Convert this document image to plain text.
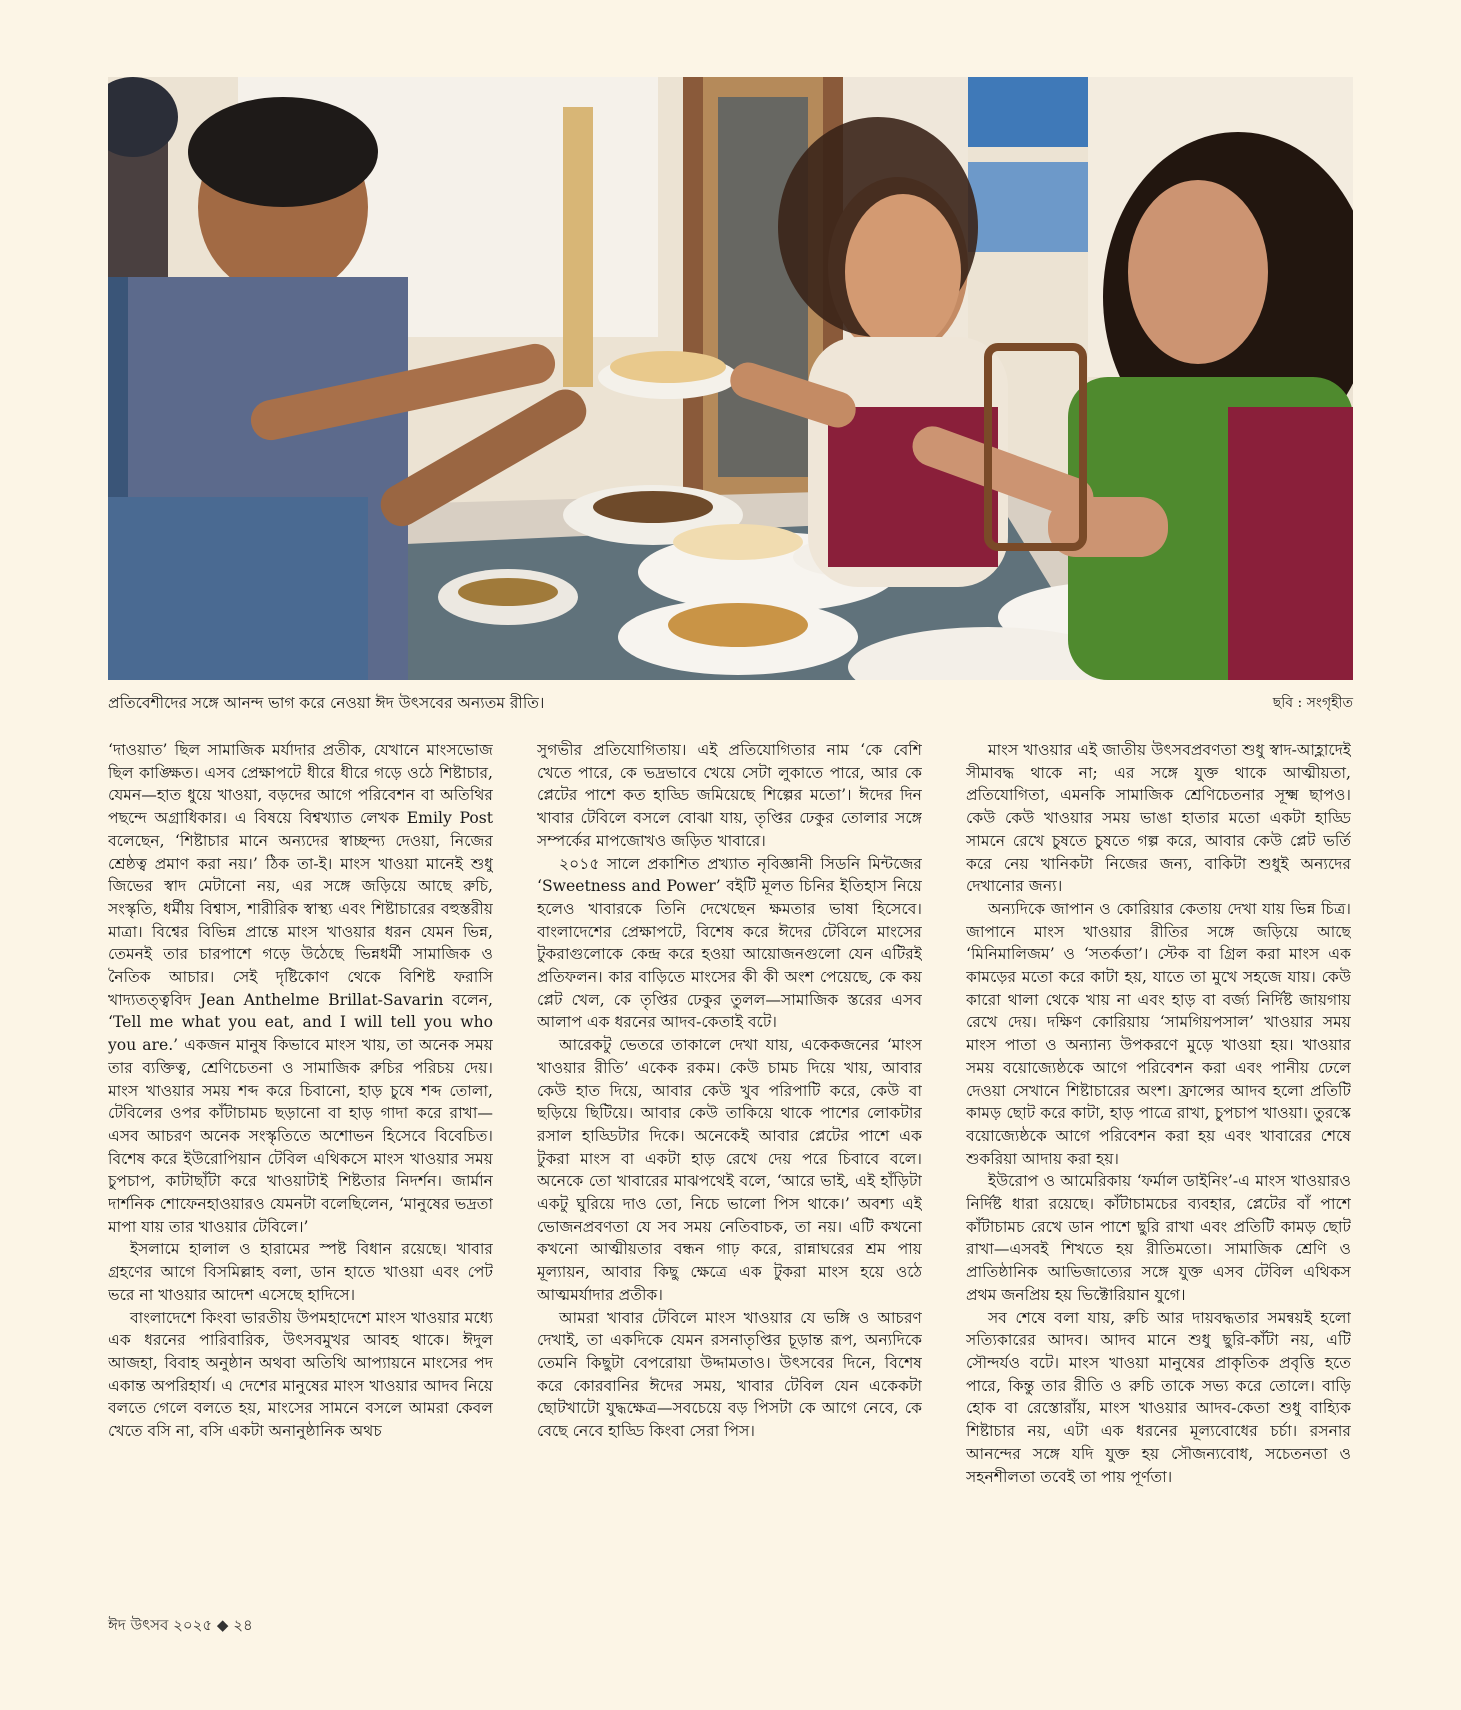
প্রতিবেশীদের সঙ্গে আনন্দ ভাগ করে নেওয়া ঈদ উৎসবের অন্যতম রীতি।	ছবি : সংগৃহীত

‘দাওয়াত’ ছিল সামাজিক মর্যাদার প্রতীক, যেখানে মাংসভোজ ছিল কাঙ্ক্ষিত। এসব প্রেক্ষাপটে ধীরে ধীরে গড়ে ওঠে শিষ্টাচার, যেমন—হাত ধুয়ে খাওয়া, বড়দের আগে পরিবেশন বা অতিথির পছন্দে অগ্রাধিকার। এ বিষয়ে বিশ্বখ্যাত লেখক Emily Post বলেছেন, ‘শিষ্টাচার মানে অন্যদের স্বাচ্ছন্দ্য দেওয়া, নিজের শ্রেষ্ঠত্ব প্রমাণ করা নয়।’ ঠিক তা-ই। মাংস খাওয়া মানেই শুধু জিভের স্বাদ মেটানো নয়, এর সঙ্গে জড়িয়ে আছে রুচি, সংস্কৃতি, ধর্মীয় বিশ্বাস, শারীরিক স্বাস্থ্য এবং শিষ্টাচারের বহুস্তরীয় মাত্রা। বিশ্বের বিভিন্ন প্রান্তে মাংস খাওয়ার ধরন যেমন ভিন্ন, তেমনই তার চারপাশে গড়ে উঠেছে ভিন্নধর্মী সামাজিক ও নৈতিক আচার। সেই দৃষ্টিকোণ থেকে বিশিষ্ট ফরাসি খাদ্যতত্ত্ববিদ Jean Anthelme Brillat-Savarin বলেন, ‘Tell me what you eat, and I will tell you who you are.’ একজন মানুষ কিভাবে মাংস খায়, তা অনেক সময় তার ব্যক্তিত্ব, শ্রেণিচেতনা ও সামাজিক রুচির পরিচয় দেয়। মাংস খাওয়ার সময় শব্দ করে চিবানো, হাড় চুষে শব্দ তোলা, টেবিলের ওপর কাঁটাচামচ ছড়ানো বা হাড় গাদা করে রাখা—এসব আচরণ অনেক সংস্কৃতিতে অশোভন হিসেবে বিবেচিত। বিশেষ করে ইউরোপিয়ান টেবিল এথিকসে মাংস খাওয়ার সময় চুপচাপ, কাটাছাঁটা করে খাওয়াটাই শিষ্টতার নিদর্শন। জার্মান দার্শনিক শোফেনহাওয়ারও যেমনটা বলেছিলেন, ‘মানুষের ভদ্রতা মাপা যায় তার খাওয়ার টেবিলে।’

ইসলামে হালাল ও হারামের স্পষ্ট বিধান রয়েছে। খাবার গ্রহণের আগে বিসমিল্লাহ বলা, ডান হাতে খাওয়া এবং পেট ভরে না খাওয়ার আদেশ এসেছে হাদিসে।

বাংলাদেশে কিংবা ভারতীয় উপমহাদেশে মাংস খাওয়ার মধ্যে এক ধরনের পারিবারিক, উৎসবমুখর আবহ থাকে। ঈদুল আজহা, বিবাহ অনুষ্ঠান অথবা অতিথি আপ্যায়নে মাংসের পদ একান্ত অপরিহার্য। এ দেশের মানুষের মাংস খাওয়ার আদব নিয়ে বলতে গেলে বলতে হয়, মাংসের সামনে বসলে আমরা কেবল খেতে বসি না, বসি একটা অনানুষ্ঠানিক অথচ

সুগভীর প্রতিযোগিতায়। এই প্রতিযোগিতার নাম ‘কে বেশি খেতে পারে, কে ভদ্রভাবে খেয়ে সেটা লুকাতে পারে, আর কে প্লেটের পাশে কত হাড্ডি জমিয়েছে শিল্পের মতো’। ঈদের দিন খাবার টেবিলে বসলে বোঝা যায়, তৃপ্তির ঢেকুর তোলার সঙ্গে সম্পর্কের মাপজোখও জড়িত খাবারে।

২০১৫ সালে প্রকাশিত প্রখ্যাত নৃবিজ্ঞানী সিডনি মিন্টজের ‘Sweetness and Power’ বইটি মূলত চিনির ইতিহাস নিয়ে হলেও খাবারকে তিনি দেখেছেন ক্ষমতার ভাষা হিসেবে। বাংলাদেশের প্রেক্ষাপটে, বিশেষ করে ঈদের টেবিলে মাংসের টুকরাগুলোকে কেন্দ্র করে হওয়া আয়োজনগুলো যেন এটিরই প্রতিফলন। কার বাড়িতে মাংসের কী কী অংশ পেয়েছে, কে কয় প্লেট খেল, কে তৃপ্তির ঢেকুর তুলল—সামাজিক স্তরের এসব আলাপ এক ধরনের আদব-কেতাই বটে।

আরেকটু ভেতরে তাকালে দেখা যায়, একেকজনের ‘মাংস খাওয়ার রীতি’ একেক রকম। কেউ চামচ দিয়ে খায়, আবার কেউ হাত দিয়ে, আবার কেউ খুব পরিপাটি করে, কেউ বা ছড়িয়ে ছিটিয়ে। আবার কেউ তাকিয়ে থাকে পাশের লোকটার রসাল হাড্ডিটার দিকে। অনেকেই আবার প্লেটের পাশে এক টুকরা মাংস বা একটা হাড় রেখে দেয় পরে চিবাবে বলে। অনেকে তো খাবারের মাঝপথেই বলে, ‘আরে ভাই, এই হাঁড়িটা একটু ঘুরিয়ে দাও তো, নিচে ভালো পিস থাকে।’ অবশ্য এই ভোজনপ্রবণতা যে সব সময় নেতিবাচক, তা নয়। এটি কখনো কখনো আত্মীয়তার বন্ধন গাঢ় করে, রান্নাঘরের শ্রম পায় মূল্যায়ন, আবার কিছু ক্ষেত্রে এক টুকরা মাংস হয়ে ওঠে আত্মমর্যাদার প্রতীক।

আমরা খাবার টেবিলে মাংস খাওয়ার যে ভঙ্গি ও আচরণ দেখাই, তা একদিকে যেমন রসনাতৃপ্তির চূড়ান্ত রূপ, অন্যদিকে তেমনি কিছুটা বেপরোয়া উদ্দামতাও। উৎসবের দিনে, বিশেষ করে কোরবানির ঈদের সময়, খাবার টেবিল যেন একেকটা ছোটখাটো যুদ্ধক্ষেত্র—সবচেয়ে বড় পিসটা কে আগে নেবে, কে বেছে নেবে হাড্ডি কিংবা সেরা পিস।

মাংস খাওয়ার এই জাতীয় উৎসবপ্রবণতা শুধু স্বাদ-আহ্লাদেই সীমাবদ্ধ থাকে না; এর সঙ্গে যুক্ত থাকে আত্মীয়তা, প্রতিযোগিতা, এমনকি সামাজিক শ্রেণিচেতনার সূক্ষ্ম ছাপও। কেউ কেউ খাওয়ার সময় ভাঙা হাতার মতো একটা হাড্ডি সামনে রেখে চুষতে চুষতে গল্প করে, আবার কেউ প্লেট ভর্তি করে নেয় খানিকটা নিজের জন্য, বাকিটা শুধুই অন্যদের দেখানোর জন্য।

অন্যদিকে জাপান ও কোরিয়ার কেতায় দেখা যায় ভিন্ন চিত্র। জাপানে মাংস খাওয়ার রীতির সঙ্গে জড়িয়ে আছে ‘মিনিমালিজম’ ও ‘সতর্কতা’। স্টেক বা গ্রিল করা মাংস এক কামড়ের মতো করে কাটা হয়, যাতে তা মুখে সহজে যায়। কেউ কারো থালা থেকে খায় না এবং হাড় বা বর্জ্য নির্দিষ্ট জায়গায় রেখে দেয়। দক্ষিণ কোরিয়ায় ‘সামগিয়পসাল’ খাওয়ার সময় মাংস পাতা ও অন্যান্য উপকরণে মুড়ে খাওয়া হয়। খাওয়ার সময় বয়োজ্যেষ্ঠকে আগে পরিবেশন করা এবং পানীয় ঢেলে দেওয়া সেখানে শিষ্টাচারের অংশ। ফ্রান্সের আদব হলো প্রতিটি কামড় ছোট করে কাটা, হাড় পাত্রে রাখা, চুপচাপ খাওয়া। তুরস্কে বয়োজ্যেষ্ঠকে আগে পরিবেশন করা হয় এবং খাবারের শেষে শুকরিয়া আদায় করা হয়।

ইউরোপ ও আমেরিকায় ‘ফর্মাল ডাইনিং’-এ মাংস খাওয়ারও নির্দিষ্ট ধারা রয়েছে। কাঁটাচামচের ব্যবহার, প্লেটের বাঁ পাশে কাঁটাচামচ রেখে ডান পাশে ছুরি রাখা এবং প্রতিটি কামড় ছোট রাখা—এসবই শিখতে হয় রীতিমতো। সামাজিক শ্রেণি ও প্রাতিষ্ঠানিক আভিজাত্যের সঙ্গে যুক্ত এসব টেবিল এথিকস প্রথম জনপ্রিয় হয় ভিক্টোরিয়ান যুগে।

সব শেষে বলা যায়, রুচি আর দায়বদ্ধতার সমন্বয়ই হলো সত্যিকারের আদব। আদব মানে শুধু ছুরি-কাঁটা নয়, এটি সৌন্দর্যও বটে। মাংস খাওয়া মানুষের প্রাকৃতিক প্রবৃত্তি হতে পারে, কিন্তু তার রীতি ও রুচি তাকে সভ্য করে তোলে। বাড়ি হোক বা রেস্তোরাঁয়, মাংস খাওয়ার আদব-কেতা শুধু বাহ্যিক শিষ্টাচার নয়, এটা এক ধরনের মূল্যবোধের চর্চা। রসনার আনন্দের সঙ্গে যদি যুক্ত হয় সৌজন্যবোধ, সচেতনতা ও সহনশীলতা তবেই তা পায় পূর্ণতা।

ঈদ উৎসব ২০২৫ ◆ ২৪
